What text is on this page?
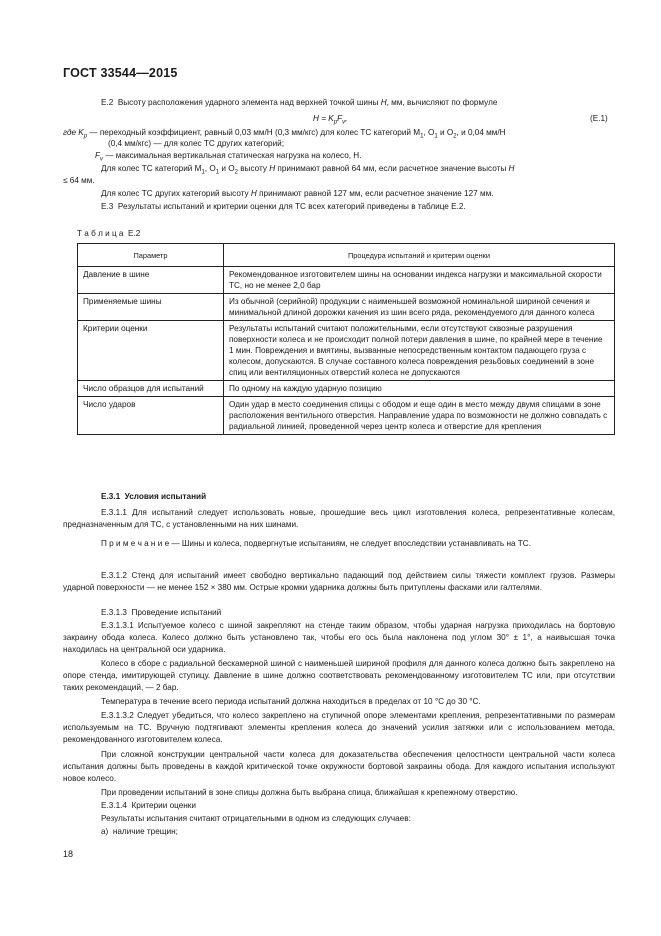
ГОСТ 33544—2015
Е.2  Высоту расположения ударного элемента над верхней точкой шины H, мм, вычисляют по формуле
$H = K_pF_v$,	(Е.1)
где $K_p$ — переходный коэффициент, равный 0,03 мм/Н (0,3 мм/кгс) для колес ТС категорий $М_1$, $O_1$ и $О_2$, и 0,04 мм/Н
(0,4 мм/кгс) — для колес ТС других категорий;
$F_v$ — максимальная вертикальная статическая нагрузка на колесо, Н.
Для колес ТС категорий $М_1$, $O_1$ и $O_2$ высоту H принимают равной 64 мм, если расчетное значение высоты H
≤ 64 мм.
Для колес ТС других категорий высоту H принимают равной 127 мм, если расчетное значение 127 мм.
Е.3  Результаты испытаний и критерии оценки для ТС всех категорий приведены в таблице Е.2.
Т а б л и ц а  Е.2
Параметр	Процедура испытаний и критерии оценки
Давление в шине	Рекомендованное изготовителем шины на основании индекса нагрузки и максимальной скорости ТС, но не менее 2,0 бар
Применяемые шины	Из обычной (серийной) продукции с наименьшей возможной номинальной шириной сечения и минимальной длиной дорожки качения из шин всего ряда, рекомендуемого для данного колеса
Критерии оценки	Результаты испытаний считают положительными, если отсутствуют сквозные разрушения поверхности колеса и не происходит полной потери давления в шине, по крайней мере в течение 1 мин. Повреждения и вмятины, вызванные непосредственным контактом падающего груза с колесом, допускаются. В случае составного колеса повреждения резьбовых соединений в зоне спиц или вентиляционных отверстий колеса не допускаются
Число образцов для испытаний	По одному на каждую ударную позицию
Число ударов	Один удар в место соединения спицы с ободом и еще один в место между двумя спицами в зоне расположения вентильного отверстия. Направление удара по возможности не должно совпадать с радиальной линией, проведенной через центр колеса и отверстие для крепления
Е.3.1  Условия испытаний
Е.3.1.1 Для испытаний следует использовать новые, прошедшие весь цикл изготовления колеса, репрезентативные колесам, предназначенным для ТС, с установленными на них шинами.
П р и м е ч а н и е — Шины и колеса, подвергнутые испытаниям, не следует впоследствии устанавливать на ТС.
Е.3.1.2 Стенд для испытаний имеет свободно вертикально падающий под действием силы тяжести комплект грузов. Размеры ударной поверхности — не менее 152 × 380 мм. Острые кромки ударника должны быть притуплены фасками или галтелями.
Е.3.1.3  Проведение испытаний
Е.3.1.3.1 Испытуемое колесо с шиной закрепляют на стенде таким образом, чтобы ударная нагрузка приходилась на бортовую закраину обода колеса. Колесо должно быть установлено так, чтобы его ось была наклонена под углом 30° ± 1°, а наивысшая точка находилась на центральной оси ударника.
Колесо в сборе с радиальной бескамерной шиной с наименьшей шириной профиля для данного колеса должно быть закреплено на опоре стенда, имитирующей ступицу. Давление в шине должно соответствовать рекомендованному изготовителем ТС или, при отсутствии таких рекомендаций, — 2 бар.
Температура в течение всего периода испытаний должна находиться в пределах от 10 °С до 30 °С.
Е.3.1.3.2 Следует убедиться, что колесо закреплено на ступичной опоре элементами крепления, репрезентативными по размерам используемым на ТС. Вручную подтягивают элементы крепления колеса до значений усилия затяжки или с использованием метода, рекомендованного изготовителем колеса.
При сложной конструкции центральной части колеса для доказательства обеспечения целостности центральной части колеса испытания должны быть проведены в каждой критической точке окружности бортовой закраины обода. Для каждого испытания используют новое колесо.
При проведении испытаний в зоне спицы должна быть выбрана спица, ближайшая к крепежному отверстию.
Е.3.1.4  Критерии оценки
Результаты испытания считают отрицательными в одном из следующих случаев:
а)  наличие трещин;
18
